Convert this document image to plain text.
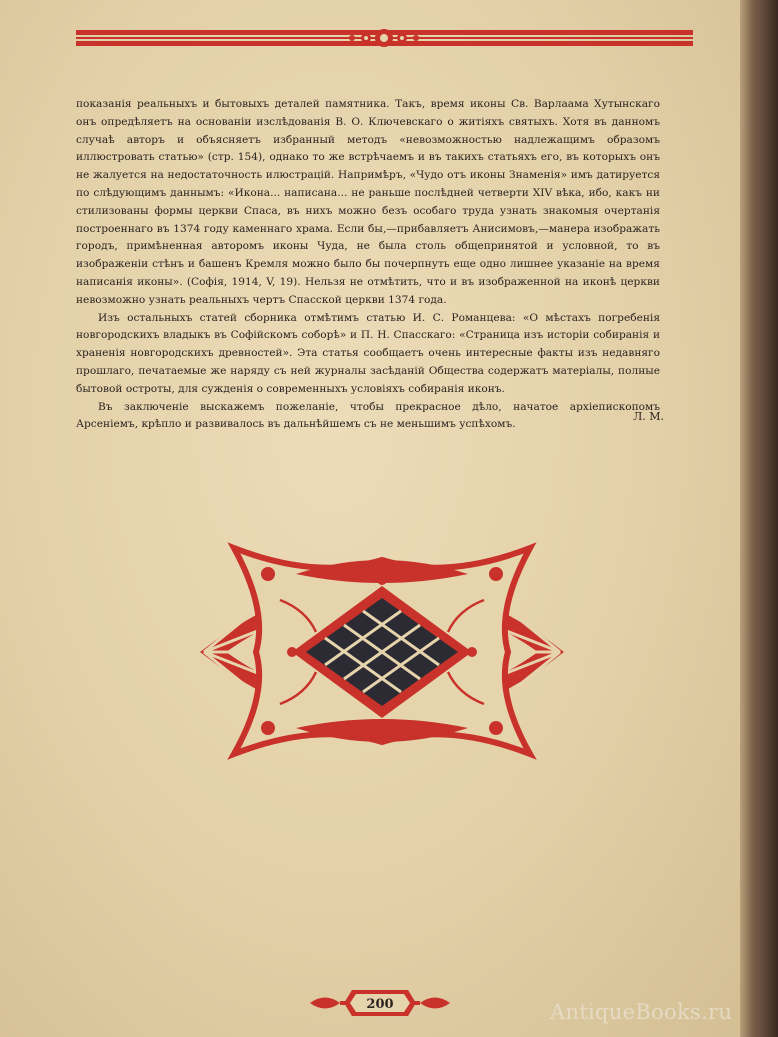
показанія реальныхъ и бытовыхъ деталей памятника. Такъ, время иконы Св. Варлаама Хутынскаго онъ опредѣляетъ на основаніи изслѣдованія В. О. Ключевскаго о житіяхъ святыхъ. Хотя въ данномъ случаѣ авторъ и объясняетъ избранный методъ «невозможностью надлежащимъ образомъ иллюстровать статью» (стр. 154), однако то же встрѣчаемъ и въ такихъ статьяхъ его, въ которыхъ онъ не жалуется на недостаточность илюстрацій. Напримѣръ, «Чудо отъ иконы Знаменія» имъ датируется по слѣдующимъ даннымъ: «Икона... написана... не раньше послѣдней четверти XIV вѣка, ибо, какъ ни стилизованы формы церкви Спаса, въ нихъ можно безъ особаго труда узнать знакомыя очертанія построеннаго въ 1374 году каменнаго храма. Если бы,—прибавляетъ Анисимовъ,—манера изображать городъ, примѣненная авторомъ иконы Чуда, не была столь общепринятой и условной, то въ изображеніи стѣнъ и башенъ Кремля можно было бы почерпнуть еще одно лишнее указаніе на время написанія иконы». (Софія, 1914, V, 19). Нельзя не отмѣтить, что и въ изображенной на иконѣ церкви невозможно узнать реальныхъ чертъ Спасской церкви 1374 года.

Изъ остальныхъ статей сборника отмѣтимъ статью И. С. Романцева: «О мѣстахъ погребенія новгородскихъ владыкъ въ Софійскомъ соборѣ» и П. Н. Спасскаго: «Страница изъ исторіи собиранія и храненія новгородскихъ древностей». Эта статья сообщаетъ очень интересные факты изъ недавняго прошлаго, печатаемые же наряду съ ней журналы засѣданій Общества содержатъ матеріалы, полные бытовой остроты, для сужденія о современныхъ условіяхъ собиранія иконъ.

Въ заключеніе выскажемъ пожеланіе, чтобы прекрасное дѣло, начатое архіепископомъ Арсеніемъ, крѣпло и развивалось въ дальнѣйшемъ съ не меньшимъ успѣхомъ.

Л. М.
200	AntiqueBooks.ru
